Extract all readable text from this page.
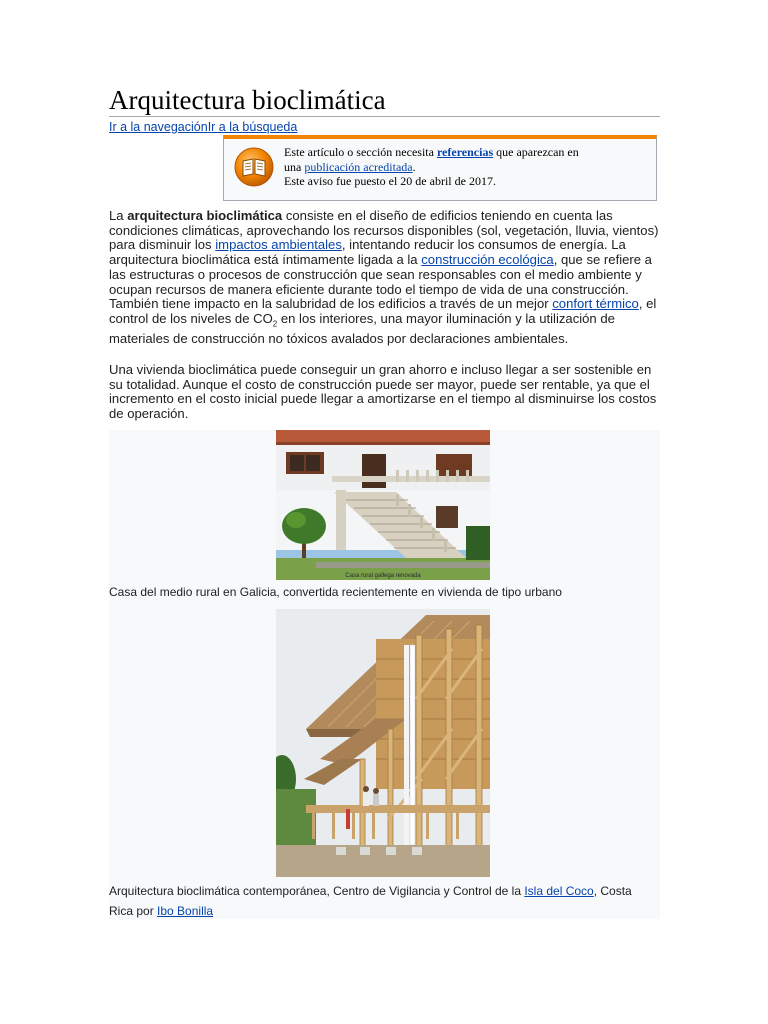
Arquitectura bioclimática
Ir a la navegaciónIr a la búsqueda
Este artículo o sección necesita referencias que aparezcan en
una publicación acreditada.
Este aviso fue puesto el 20 de abril de 2017.
La arquitectura bioclimática consiste en el diseño de edificios teniendo en cuenta las condiciones climáticas, aprovechando los recursos disponibles (sol, vegetación, lluvia, vientos) para disminuir los impactos ambientales, intentando reducir los consumos de energía. La arquitectura bioclimática está íntimamente ligada a la construcción ecológica, que se refiere a las estructuras o procesos de construcción que sean responsables con el medio ambiente y ocupan recursos de manera eficiente durante todo el tiempo de vida de una construcción. También tiene impacto en la salubridad de los edificios a través de un mejor confort térmico, el control de los niveles de $CO_2$ en los interiores, una mayor iluminación y la utilización de materiales de construcción no tóxicos avalados por declaraciones ambientales.
Una vivienda bioclimática puede conseguir un gran ahorro e incluso llegar a ser sostenible en su totalidad. Aunque el costo de construcción puede ser mayor, puede ser rentable, ya que el incremento en el costo inicial puede llegar a amortizarse en el tiempo al disminuirse los costos de operación.
Casa rural gallega renovada
Casa del medio rural en Galicia, convertida recientemente en vivienda de tipo urbano
Arquitectura bioclimática contemporánea, Centro de Vigilancia y Control de la Isla del Coco, Costa Rica por Ibo Bonilla
